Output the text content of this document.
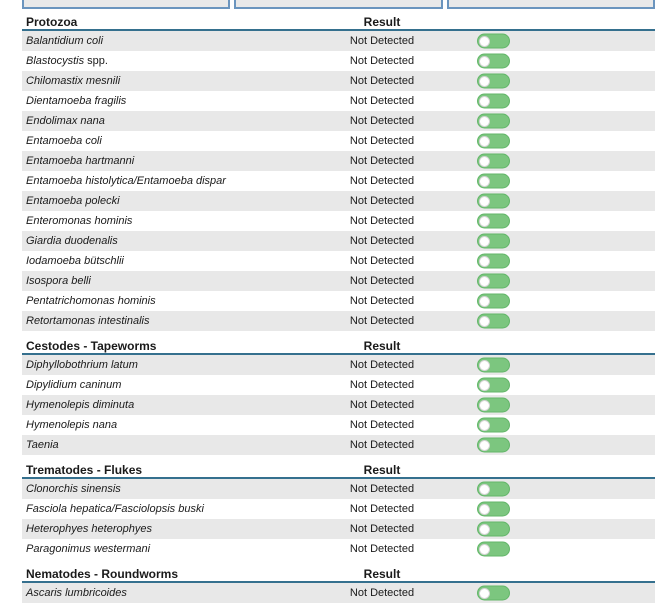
Protozoa	Result
Balantidium coli	Not Detected
Blastocystis spp.	Not Detected
Chilomastix mesnili	Not Detected
Dientamoeba fragilis	Not Detected
Endolimax nana	Not Detected
Entamoeba coli	Not Detected
Entamoeba hartmanni	Not Detected
Entamoeba histolytica/Entamoeba dispar	Not Detected
Entamoeba polecki	Not Detected
Enteromonas hominis	Not Detected
Giardia duodenalis	Not Detected
Iodamoeba bütschlii	Not Detected
Isospora belli	Not Detected
Pentatrichomonas hominis	Not Detected
Retortamonas intestinalis	Not Detected
Cestodes - Tapeworms	Result
Diphyllobothrium latum	Not Detected
Dipylidium caninum	Not Detected
Hymenolepis diminuta	Not Detected
Hymenolepis nana	Not Detected
Taenia	Not Detected
Trematodes - Flukes	Result
Clonorchis sinensis	Not Detected
Fasciola hepatica/Fasciolopsis buski	Not Detected
Heterophyes heterophyes	Not Detected
Paragonimus westermani	Not Detected
Nematodes - Roundworms	Result
Ascaris lumbricoides	Not Detected
